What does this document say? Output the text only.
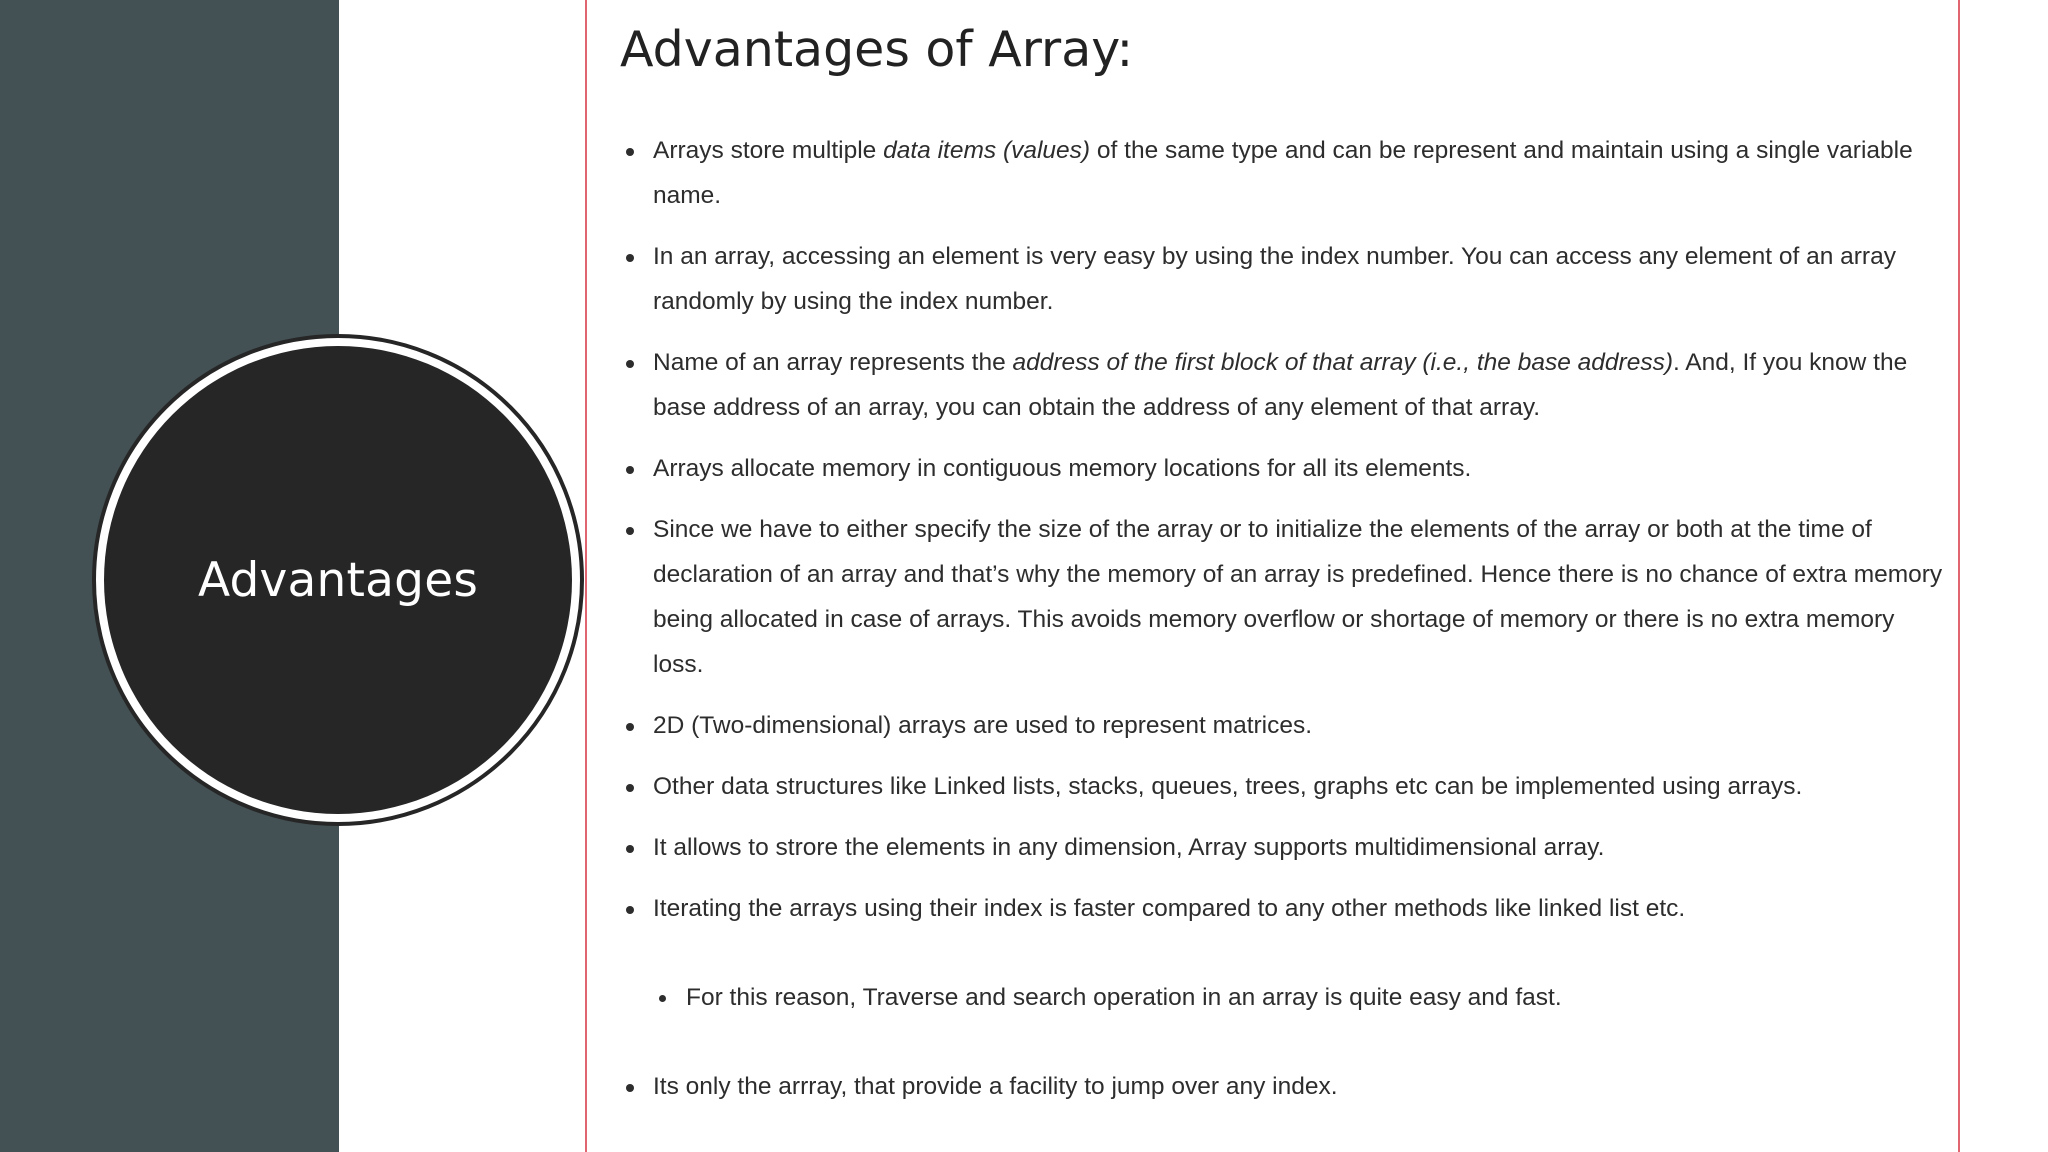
Advantages
Advantages of Array:
Arrays store multiple data items (values) of the same type and can be represent and maintain using a single variable name.
In an array, accessing an element is very easy by using the index number. You can access any element of an array randomly by using the index number.
Name of an array represents the address of the first block of that array (i.e., the base address). And, If you know the base address of an array, you can obtain the address of any element of that array.
Arrays allocate memory in contiguous memory locations for all its elements.
Since we have to either specify the size of the array or to initialize the elements of the array or both at the time of declaration of an array and that’s why the memory of an array is predefined. Hence there is no chance of extra memory being allocated in case of arrays. This avoids memory overflow or shortage of memory or there is no extra memory loss.
2D (Two-dimensional) arrays are used to represent matrices.
Other data structures like Linked lists, stacks, queues, trees, graphs etc can be implemented using arrays.
It allows to strore the elements in any dimension, Array supports multidimensional array.
Iterating the arrays using their index is faster compared to any other methods like linked list etc.
For this reason, Traverse and search operation in an array is quite easy and fast.
Its only the arrray, that provide a facility to jump over any index.
